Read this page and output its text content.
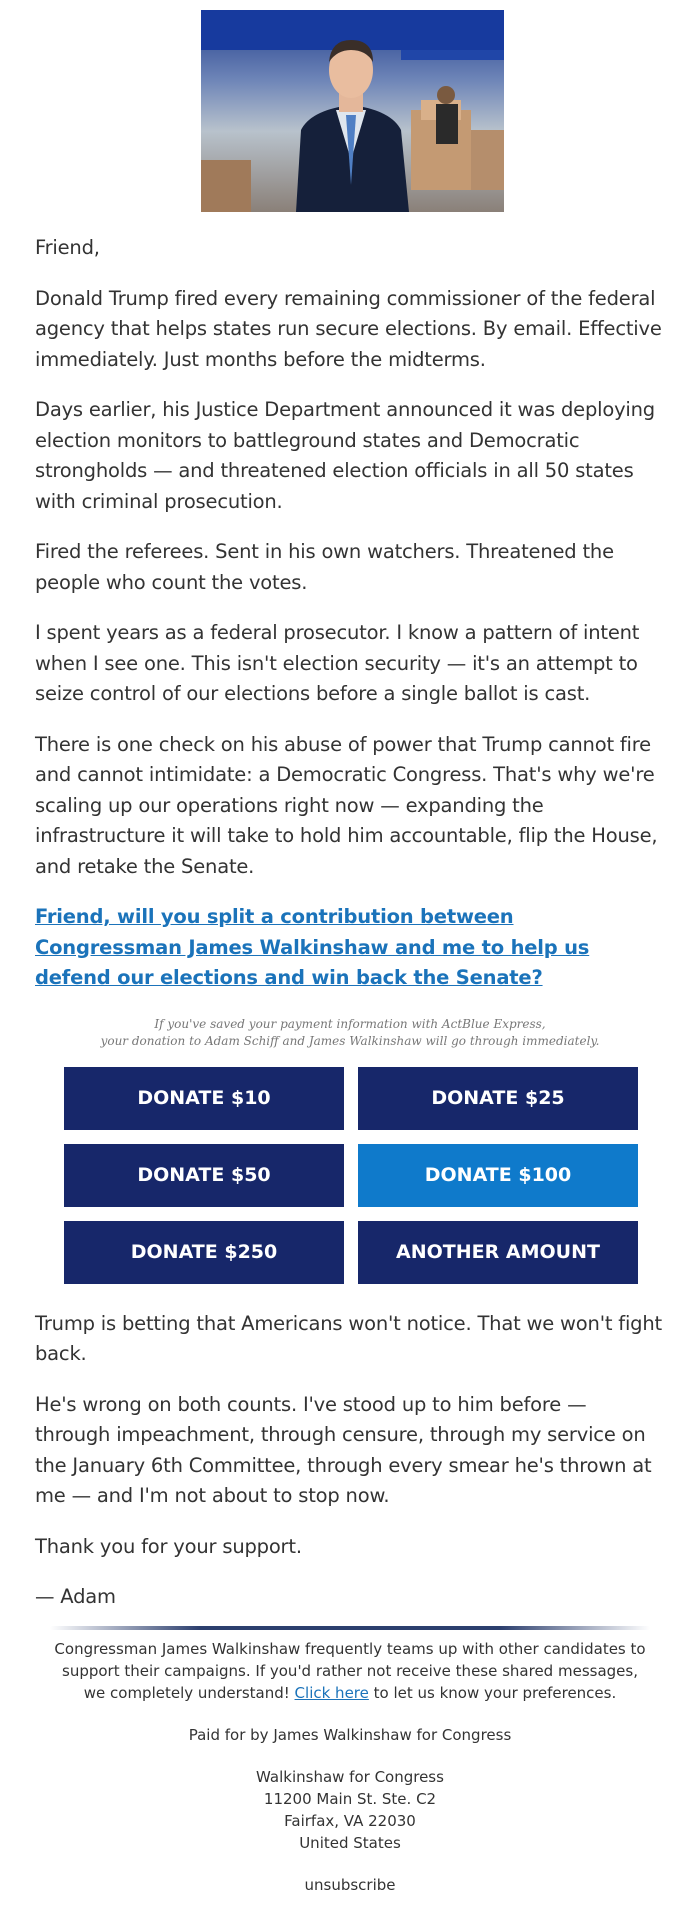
Friend,

Donald Trump fired every remaining commissioner of the federal agency that helps states run secure elections. By email. Effective immediately. Just months before the midterms.

Days earlier, his Justice Department announced it was deploying election monitors to battleground states and Democratic strongholds — and threatened election officials in all 50 states with criminal prosecution.

Fired the referees. Sent in his own watchers. Threatened the people who count the votes.

I spent years as a federal prosecutor. I know a pattern of intent when I see one. This isn't election security — it's an attempt to seize control of our elections before a single ballot is cast.

There is one check on his abuse of power that Trump cannot fire and cannot intimidate: a Democratic Congress. That's why we're scaling up our operations right now — expanding the infrastructure it will take to hold him accountable, flip the House, and retake the Senate.

Friend, will you split a contribution between Congressman James Walkinshaw and me to help us defend our elections and win back the Senate?
If you've saved your payment information with ActBlue Express,
your donation to Adam Schiff and James Walkinshaw will go through immediately.
DONATE $10	DONATE $25
DONATE $50	DONATE $100
DONATE $250	ANOTHER AMOUNT

Trump is betting that Americans won't notice. That we won't fight back.

He's wrong on both counts. I've stood up to him before — through impeachment, through censure, through my service on the January 6th Committee, through every smear he's thrown at me — and I'm not about to stop now.

Thank you for your support.

— Adam

Congressman James Walkinshaw frequently teams up with other candidates to support their campaigns. If you'd rather not receive these shared messages, we completely understand! Click here to let us know your preferences.

Paid for by James Walkinshaw for Congress

Walkinshaw for Congress
11200 Main St. Ste. C2
Fairfax, VA 22030
United States
unsubscribe
